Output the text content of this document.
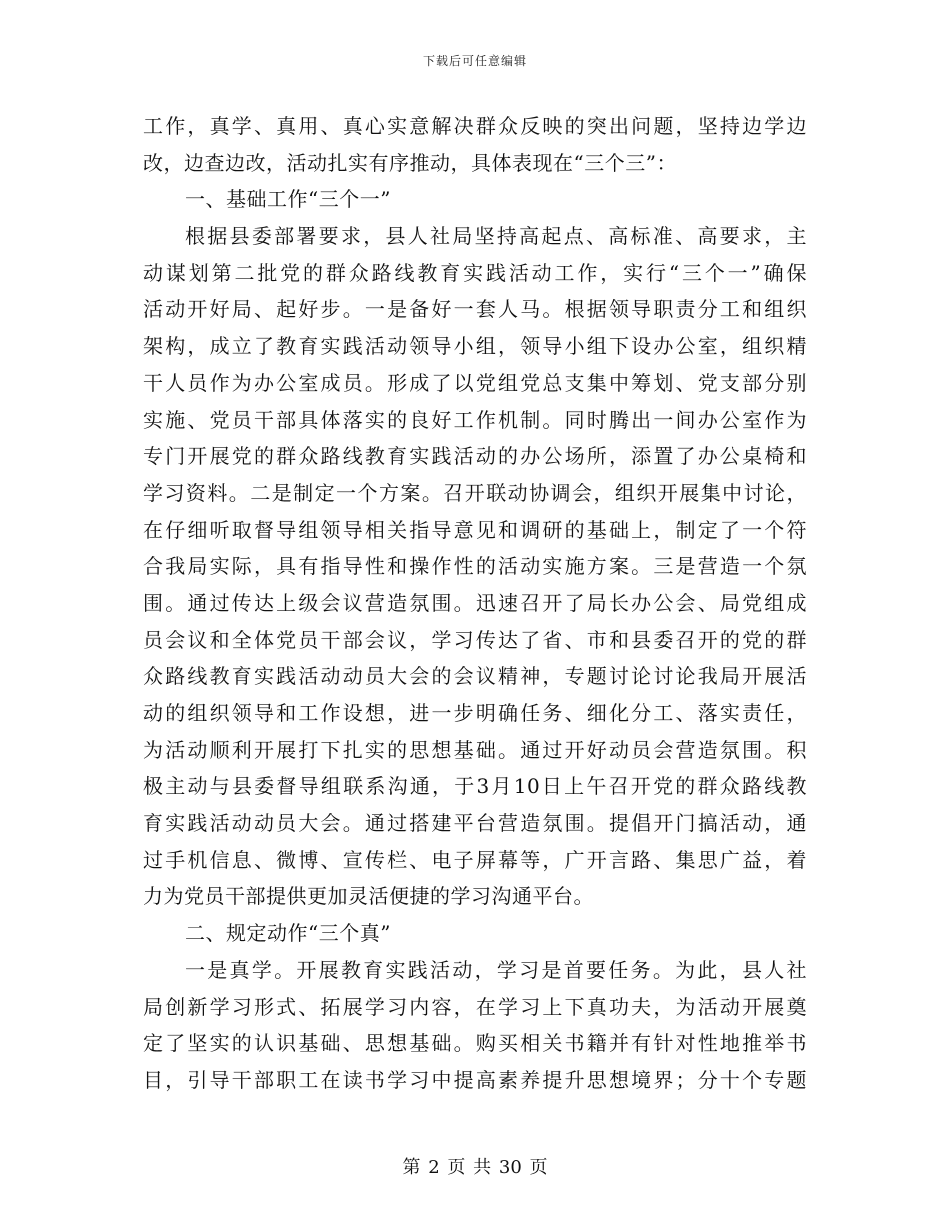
下载后可任意编辑
工作，真学、真用、真心实意解决群众反映的突出问题，坚持边学边
改，边查边改，活动扎实有序推动，具体表现在“三个三”：
一、基础工作“三个一”
根据县委部署要求，县人社局坚持高起点、高标准、高要求，主
动谋划第二批党的群众路线教育实践活动工作，实行“三个一”确保
活动开好局、起好步。一是备好一套人马。根据领导职责分工和组织
架构，成立了教育实践活动领导小组，领导小组下设办公室，组织精
干人员作为办公室成员。形成了以党组党总支集中筹划、党支部分别
实施、党员干部具体落实的良好工作机制。同时腾出一间办公室作为
专门开展党的群众路线教育实践活动的办公场所，添置了办公桌椅和
学习资料。二是制定一个方案。召开联动协调会，组织开展集中讨论，
在仔细听取督导组领导相关指导意见和调研的基础上，制定了一个符
合我局实际，具有指导性和操作性的活动实施方案。三是营造一个氛
围。通过传达上级会议营造氛围。迅速召开了局长办公会、局党组成
员会议和全体党员干部会议，学习传达了省、市和县委召开的党的群
众路线教育实践活动动员大会的会议精神，专题讨论讨论我局开展活
动的组织领导和工作设想，进一步明确任务、细化分工、落实责任，
为活动顺利开展打下扎实的思想基础。通过开好动员会营造氛围。积
极主动与县委督导组联系沟通，于3月10日上午召开党的群众路线教
育实践活动动员大会。通过搭建平台营造氛围。提倡开门搞活动，通
过手机信息、微博、宣传栏、电子屏幕等，广开言路、集思广益，着
力为党员干部提供更加灵活便捷的学习沟通平台。
二、规定动作“三个真”
一是真学。开展教育实践活动，学习是首要任务。为此，县人社
局创新学习形式、拓展学习内容，在学习上下真功夫，为活动开展奠
定了坚实的认识基础、思想基础。购买相关书籍并有针对性地推举书
目，引导干部职工在读书学习中提高素养提升思想境界；分十个专题
第 2 页 共 30 页
